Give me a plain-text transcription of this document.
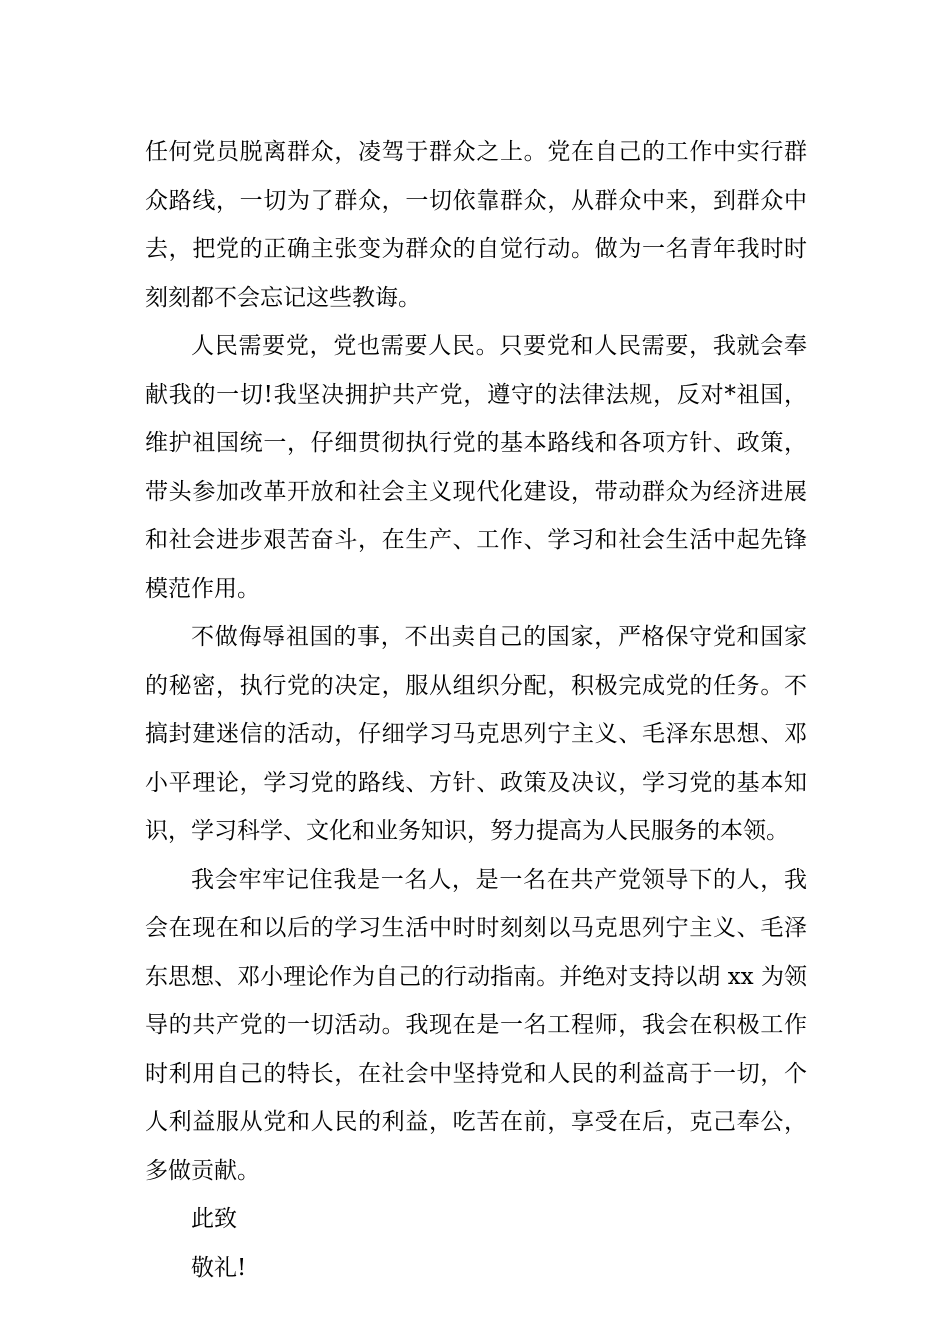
任何党员脱离群众，凌驾于群众之上。党在自己的工作中实行群众路线，一切为了群众，一切依靠群众，从群众中来，到群众中去，把党的正确主张变为群众的自觉行动。做为一名青年我时时刻刻都不会忘记这些教诲。

人民需要党，党也需要人民。只要党和人民需要，我就会奉献我的一切!我坚决拥护共产党，遵守的法律法规，反对*祖国，维护祖国统一，仔细贯彻执行党的基本路线和各项方针、政策，带头参加改革开放和社会主义现代化建设，带动群众为经济进展和社会进步艰苦奋斗，在生产、工作、学习和社会生活中起先锋模范作用。

不做侮辱祖国的事，不出卖自己的国家，严格保守党和国家的秘密，执行党的决定，服从组织分配，积极完成党的任务。不搞封建迷信的活动，仔细学习马克思列宁主义、毛泽东思想、邓小平理论，学习党的路线、方针、政策及决议，学习党的基本知识，学习科学、文化和业务知识，努力提高为人民服务的本领。

我会牢牢记住我是一名人，是一名在共产党领导下的人，我会在现在和以后的学习生活中时时刻刻以马克思列宁主义、毛泽东思想、邓小理论作为自己的行动指南。并绝对支持以胡 xx 为领导的共产党的一切活动。我现在是一名工程师，我会在积极工作时利用自己的特长，在社会中坚持党和人民的利益高于一切，个人利益服从党和人民的利益，吃苦在前，享受在后，克己奉公，多做贡献。

此致

敬礼!
